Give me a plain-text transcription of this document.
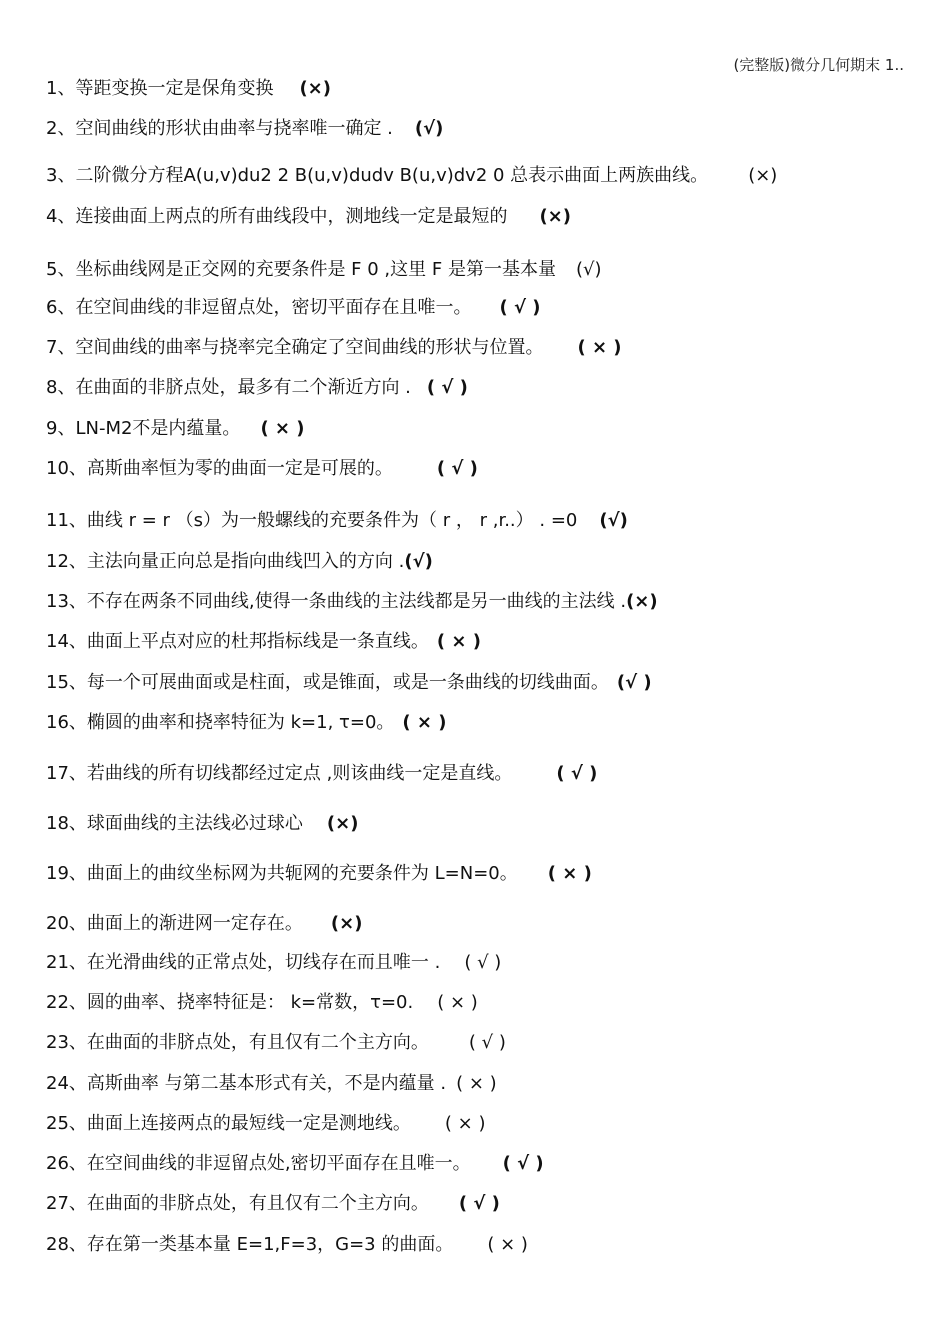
(完整版)微分几何期末 1..
1、等距变换一定是保角变换 (×)
2、空间曲线的形状由曲率与挠率唯一确定 . (√)
3、二阶微分方程A(u,v)du2 2 B(u,v)dudv B(u,v)dv2 0 总表示曲面上两族曲线。 (×)
4、连接曲面上两点的所有曲线段中，测地线一定是最短的 (×)
5、坐标曲线网是正交网的充要条件是 F 0 ,这里 F 是第一基本量 (√)
6、在空间曲线的非逗留点处，密切平面存在且唯一。 ( √ )
7、空间曲线的曲率与挠率完全确定了空间曲线的形状与位置。 ( × )
8、在曲面的非脐点处，最多有二个渐近方向 . ( √ )
9、LN-M2不是内蕴量。 ( × )
10、高斯曲率恒为零的曲面一定是可展的。 ( √ )
11、曲线 r = r （s）为一般螺线的充要条件为（ r ， r ,r..） . =0 (√)
12、主法向量正向总是指向曲线凹入的方向 .(√)
13、不存在两条不同曲线,使得一条曲线的主法线都是另一曲线的主法线 .(×)
14、曲面上平点对应的杜邦指标线是一条直线。 ( × )
15、每一个可展曲面或是柱面，或是锥面，或是一条曲线的切线曲面。 (√ )
16、椭圆的曲率和挠率特征为 k=1, τ=0。 ( × )
17、若曲线的所有切线都经过定点 ,则该曲线一定是直线。 ( √ )
18、球面曲线的主法线必过球心 (×)
19、曲面上的曲纹坐标网为共轭网的充要条件为 L=N=0。 ( × )
20、曲面上的渐进网一定存在。 (×)
21、在光滑曲线的正常点处，切线存在而且唯一 . ( √ )
22、圆的曲率、挠率特征是： k=常数，τ=0. ( × )
23、在曲面的非脐点处，有且仅有二个主方向。 ( √ )
24、高斯曲率 与第二基本形式有关，不是内蕴量 . ( × )
25、曲面上连接两点的最短线一定是测地线。 ( × )
26、在空间曲线的非逗留点处,密切平面存在且唯一。 ( √ )
27、在曲面的非脐点处，有且仅有二个主方向。 ( √ )
28、存在第一类基本量 E=1,F=3，G=3 的曲面。 ( × )
